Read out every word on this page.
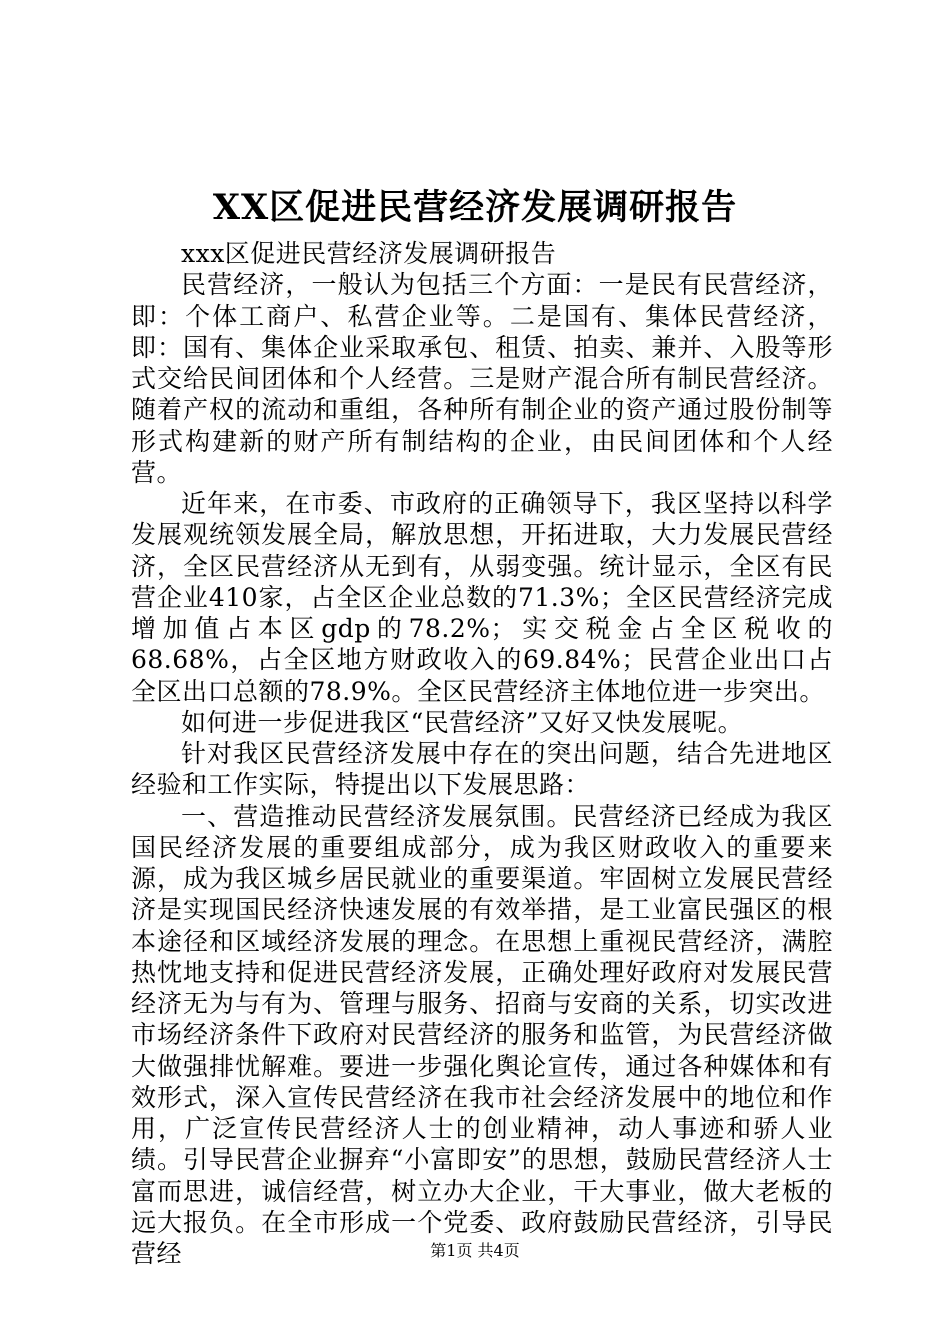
XX区促进民营经济发展调研报告

xxx区促进民营经济发展调研报告

民营经济，一般认为包括三个方面：一是民有民营经济，即：个体工商户、私营企业等。二是国有、集体民营经济，即：国有、集体企业采取承包、租赁、拍卖、兼并、入股等形式交给民间团体和个人经营。三是财产混合所有制民营经济。随着产权的流动和重组，各种所有制企业的资产通过股份制等形式构建新的财产所有制结构的企业，由民间团体和个人经营。

近年来，在市委、市政府的正确领导下，我区坚持以科学发展观统领发展全局，解放思想，开拓进取，大力发展民营经济，全区民营经济从无到有，从弱变强。统计显示，全区有民营企业410家，占全区企业总数的71.3%；全区民营经济完成增加值占本区gdp的78.2%；实交税金占全区税收的68.68%，占全区地方财政收入的69.84%；民营企业出口占全区出口总额的78.9%。全区民营经济主体地位进一步突出。

如何进一步促进我区“民营经济”又好又快发展呢。

针对我区民营经济发展中存在的突出问题，结合先进地区经验和工作实际，特提出以下发展思路：

一、营造推动民营经济发展氛围。民营经济已经成为我区国民经济发展的重要组成部分，成为我区财政收入的重要来源，成为我区城乡居民就业的重要渠道。牢固树立发展民营经济是实现国民经济快速发展的有效举措，是工业富民强区的根本途径和区域经济发展的理念。在思想上重视民营经济，满腔热忱地支持和促进民营经济发展，正确处理好政府对发展民营经济无为与有为、管理与服务、招商与安商的关系，切实改进市场经济条件下政府对民营经济的服务和监管，为民营经济做大做强排忧解难。要进一步强化舆论宣传，通过各种媒体和有效形式，深入宣传民营经济在我市社会经济发展中的地位和作用，广泛宣传民营经济人士的创业精神，动人事迹和骄人业绩。引导民营企业摒弃“小富即安”的思想，鼓励民营经济人士富而思进，诚信经营，树立办大企业，干大事业，做大老板的远大报负。在全市形成一个党委、政府鼓励民营经济，引导民营经	第1页 共4页
